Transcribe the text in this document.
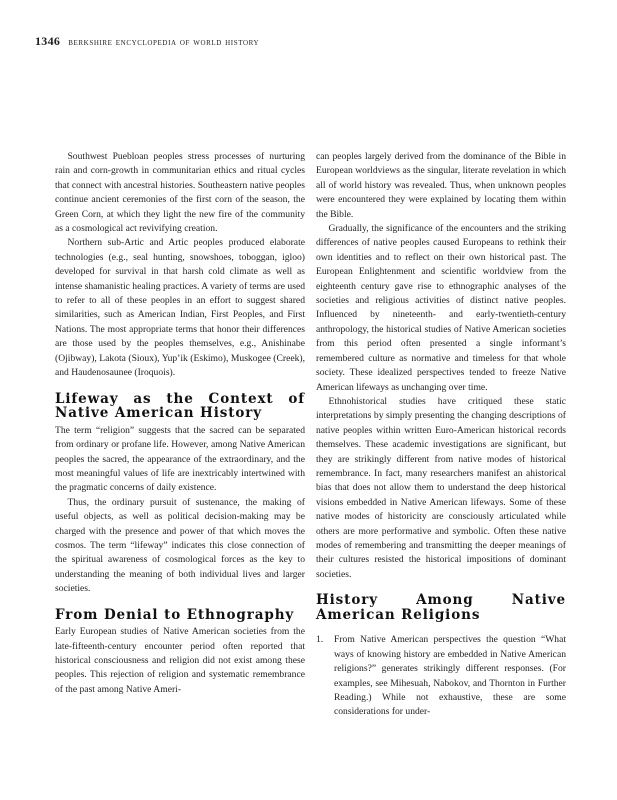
1346 berkshire encyclopedia of world history

Southwest Puebloan peoples stress processes of nurturing rain and corn-growth in communitarian ethics and ritual cycles that connect with ancestral histories. Southeastern native peoples continue ancient ceremonies of the first corn of the season, the Green Corn, at which they light the new fire of the community as a cosmological act revivifying creation.

Northern sub-Artic and Artic peoples produced elaborate technologies (e.g., seal hunting, snowshoes, toboggan, igloo) developed for survival in that harsh cold climate as well as intense shamanistic healing practices. A variety of terms are used to refer to all of these peoples in an effort to suggest shared similarities, such as American Indian, First Peoples, and First Nations. The most appropriate terms that honor their differences are those used by the peoples themselves, e.g., Anishinabe (Ojibway), Lakota (Sioux), Yup’ik (Eskimo), Muskogee (Creek), and Haudenosaunee (Iroquois).

Lifeway as the Context of Native American History

The term “religion” suggests that the sacred can be separated from ordinary or profane life. However, among Native American peoples the sacred, the appearance of the extraordinary, and the most meaningful values of life are inextricably intertwined with the pragmatic concerns of daily existence.

Thus, the ordinary pursuit of sustenance, the making of useful objects, as well as political decision-making may be charged with the presence and power of that which moves the cosmos. The term “lifeway” indicates this close connection of the spiritual awareness of cosmological forces as the key to understanding the meaning of both individual lives and larger societies.

From Denial to Ethnography

Early European studies of Native American societies from the late-fifteenth-century encounter period often reported that historical consciousness and religion did not exist among these peoples. This rejection of religion and systematic remembrance of the past among Native Ameri-

can peoples largely derived from the dominance of the Bible in European worldviews as the singular, literate revelation in which all of world history was revealed. Thus, when unknown peoples were encountered they were explained by locating them within the Bible.

Gradually, the significance of the encounters and the striking differences of native peoples caused Europeans to rethink their own identities and to reflect on their own historical past. The European Enlightenment and scientific worldview from the eighteenth century gave rise to ethnographic analyses of the societies and religious activities of distinct native peoples. Influenced by nineteenth- and early-twentieth-century anthropology, the historical studies of Native American societies from this period often presented a single informant’s remembered culture as normative and timeless for that whole society. These idealized perspectives tended to freeze Native American lifeways as unchanging over time.

Ethnohistorical studies have critiqued these static interpretations by simply presenting the changing descriptions of native peoples within written Euro-American historical records themselves. These academic investigations are significant, but they are strikingly different from native modes of historical remembrance. In fact, many researchers manifest an ahistorical bias that does not allow them to understand the deep historical visions embedded in Native American lifeways. Some of these native modes of historicity are consciously articulated while others are more performative and symbolic. Often these native modes of remembering and transmitting the deeper meanings of their cultures resisted the historical impositions of dominant societies.

History Among Native American Religions
1. From Native American perspectives the question “What ways of knowing history are embedded in Native American religions?” generates strikingly different responses. (For examples, see Mihesuah, Nabokov, and Thornton in Further Reading.) While not exhaustive, these are some considerations for under-
